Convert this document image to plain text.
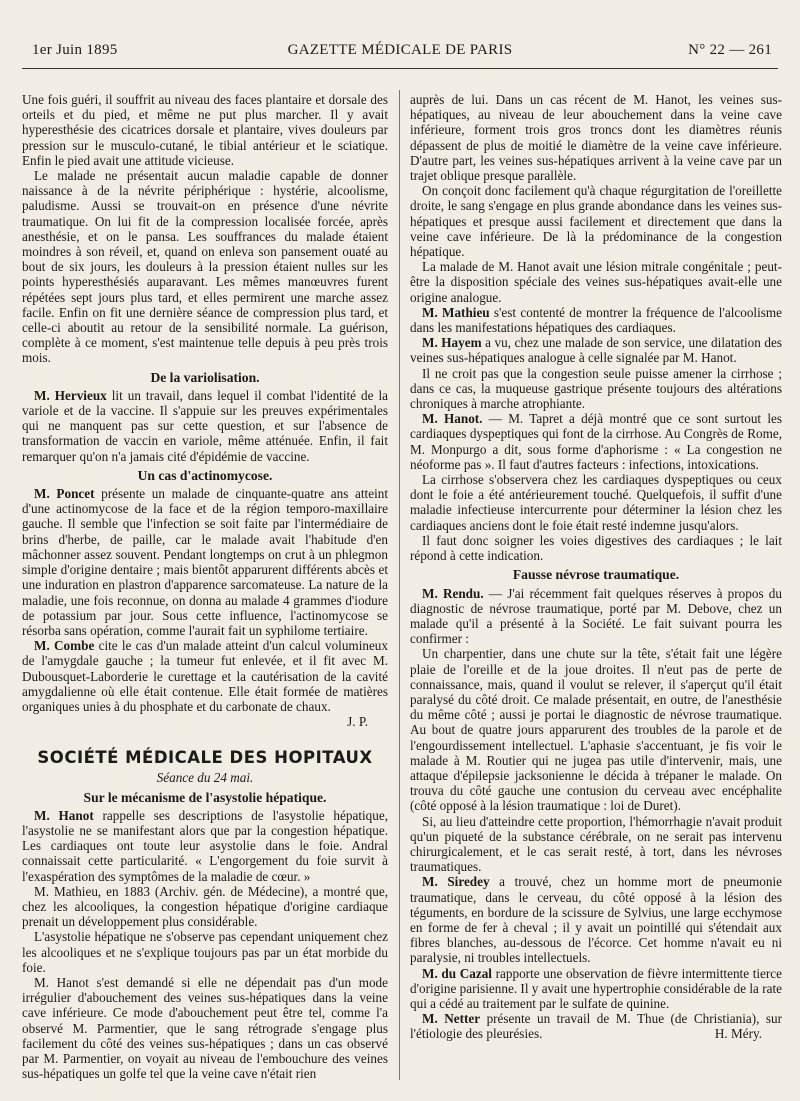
1er Juin 1895	GAZETTE MÉDICALE DE PARIS	N° 22 — 261

Une fois guéri, il souffrit au niveau des faces plantaire et dorsale des orteils et du pied, et même ne put plus marcher. Il y avait hyperesthésie des cicatrices dorsale et plantaire, vives douleurs par pression sur le musculo-cutané, le tibial antérieur et le sciatique. Enfin le pied avait une attitude vicieuse.

Le malade ne présentait aucun maladie capable de donner naissance à de la névrite périphérique : hystérie, alcoolisme, paludisme. Aussi se trouvait-on en présence d'une névrite traumatique. On lui fit de la compression localisée forcée, après anesthésie, et on le pansa. Les souffrances du malade étaient moindres à son réveil, et, quand on enleva son pansement ouaté au bout de six jours, les douleurs à la pression étaient nulles sur les points hyperesthésiés auparavant. Les mêmes manœuvres furent répétées sept jours plus tard, et elles permirent une marche assez facile. Enfin on fit une dernière séance de compression plus tard, et celle-ci aboutit au retour de la sensibilité normale. La guérison, complète à ce moment, s'est maintenue telle depuis à peu près trois mois.

De la variolisation.

M. Hervieux lit un travail, dans lequel il combat l'identité de la variole et de la vaccine. Il s'appuie sur les preuves expérimentales qui ne manquent pas sur cette question, et sur l'absence de transformation de vaccin en variole, même atténuée. Enfin, il fait remarquer qu'on n'a jamais cité d'épidémie de vaccine.

Un cas d'actinomycose.

M. Poncet présente un malade de cinquante-quatre ans atteint d'une actinomycose de la face et de la région temporo-maxillaire gauche. Il semble que l'infection se soit faite par l'intermédiaire de brins d'herbe, de paille, car le malade avait l'habitude d'en mâchonner assez souvent. Pendant longtemps on crut à un phlegmon simple d'origine dentaire ; mais bientôt apparurent différents abcès et une induration en plastron d'apparence sarcomateuse. La nature de la maladie, une fois reconnue, on donna au malade 4 grammes d'iodure de potassium par jour. Sous cette influence, l'actinomycose se résorba sans opération, comme l'aurait fait un syphilome tertiaire.

M. Combe cite le cas d'un malade atteint d'un calcul volumineux de l'amygdale gauche ; la tumeur fut enlevée, et il fit avec M. Dubousquet-Laborderie le curettage et la cautérisation de la cavité amygdalienne où elle était contenue. Elle était formée de matières organiques unies à du phosphate et du carbonate de chaux.

J. P.
SOCIÉTÉ MÉDICALE DES HOPITAUX
Séance du 24 mai.
Sur le mécanisme de l'asystolie hépatique.

M. Hanot rappelle ses descriptions de l'asystolie hépatique, l'asystolie ne se manifestant alors que par la congestion hépatique. Les cardiaques ont toute leur asystolie dans le foie. Andral connaissait cette particularité. « L'engorgement du foie survit à l'exaspération des symptômes de la maladie de cœur. »

M. Mathieu, en 1883 (Archiv. gén. de Médecine), a montré que, chez les alcooliques, la congestion hépatique d'origine cardiaque prenait un développement plus considérable.

L'asystolie hépatique ne s'observe pas cependant uniquement chez les alcooliques et ne s'explique toujours pas par un état morbide du foie.

M. Hanot s'est demandé si elle ne dépendait pas d'un mode irrégulier d'abouchement des veines sus-hépatiques dans la veine cave inférieure. Ce mode d'abouchement peut être tel, comme l'a observé M. Parmentier, que le sang rétrograde s'engage plus facilement du côté des veines sus-hépatiques ; dans un cas observé par M. Parmentier, on voyait au niveau de l'embouchure des veines sus-hépatiques un golfe tel que la veine cave n'était rien

auprès de lui. Dans un cas récent de M. Hanot, les veines sus-hépatiques, au niveau de leur abouchement dans la veine cave inférieure, forment trois gros troncs dont les diamètres réunis dépassent de plus de moitié le diamètre de la veine cave inférieure. D'autre part, les veines sus-hépatiques arrivent à la veine cave par un trajet oblique presque parallèle.

On conçoit donc facilement qu'à chaque régurgitation de l'oreillette droite, le sang s'engage en plus grande abondance dans les veines sus-hépatiques et presque aussi facilement et directement que dans la veine cave inférieure. De là la prédominance de la congestion hépatique.

La malade de M. Hanot avait une lésion mitrale congénitale ; peut-être la disposition spéciale des veines sus-hépatiques avait-elle une origine analogue.

M. Mathieu s'est contenté de montrer la fréquence de l'alcoolisme dans les manifestations hépatiques des cardiaques.

M. Hayem a vu, chez une malade de son service, une dilatation des veines sus-hépatiques analogue à celle signalée par M. Hanot.

Il ne croit pas que la congestion seule puisse amener la cirrhose ; dans ce cas, la muqueuse gastrique présente toujours des altérations chroniques à marche atrophiante.

M. Hanot. — M. Tapret a déjà montré que ce sont surtout les cardiaques dyspeptiques qui font de la cirrhose. Au Congrès de Rome, M. Monpurgo a dit, sous forme d'aphorisme : « La congestion ne néoforme pas ». Il faut d'autres facteurs : infections, intoxications.

La cirrhose s'observera chez les cardiaques dyspeptiques ou ceux dont le foie a été antérieurement touché. Quelquefois, il suffit d'une maladie infectieuse intercurrente pour déterminer la lésion chez les cardiaques anciens dont le foie était resté indemne jusqu'alors.

Il faut donc soigner les voies digestives des cardiaques ; le lait répond à cette indication.

Fausse névrose traumatique.

M. Rendu. — J'ai récemment fait quelques réserves à propos du diagnostic de névrose traumatique, porté par M. Debove, chez un malade qu'il a présenté à la Société. Le fait suivant pourra les confirmer :

Un charpentier, dans une chute sur la tête, s'était fait une légère plaie de l'oreille et de la joue droites. Il n'eut pas de perte de connaissance, mais, quand il voulut se relever, il s'aperçut qu'il était paralysé du côté droit. Ce malade présentait, en outre, de l'anesthésie du même côté ; aussi je portai le diagnostic de névrose traumatique. Au bout de quatre jours apparurent des troubles de la parole et de l'engourdissement intellectuel. L'aphasie s'accentuant, je fis voir le malade à M. Routier qui ne jugea pas utile d'intervenir, mais, une attaque d'épilepsie jacksonienne le décida à trépaner le malade. On trouva du côté gauche une contusion du cerveau avec encéphalite (côté opposé à la lésion traumatique : loi de Duret).

Si, au lieu d'atteindre cette proportion, l'hémorrhagie n'avait produit qu'un piqueté de la substance cérébrale, on ne serait pas intervenu chirurgicalement, et le cas serait resté, à tort, dans les névroses traumatiques.

M. Siredey a trouvé, chez un homme mort de pneumonie traumatique, dans le cerveau, du côté opposé à la lésion des téguments, en bordure de la scissure de Sylvius, une large ecchymose en forme de fer à cheval ; il y avait un pointillé qui s'étendait aux fibres blanches, au-dessous de l'écorce. Cet homme n'avait eu ni paralysie, ni troubles intellectuels.

M. du Cazal rapporte une observation de fièvre intermittente tierce d'origine parisienne. Il y avait une hypertrophie considérable de la rate qui a cédé au traitement par le sulfate de quinine.

M. Netter présente un travail de M. Thue (de Christiania), sur l'étiologie des pleurésies.	H. Méry.
